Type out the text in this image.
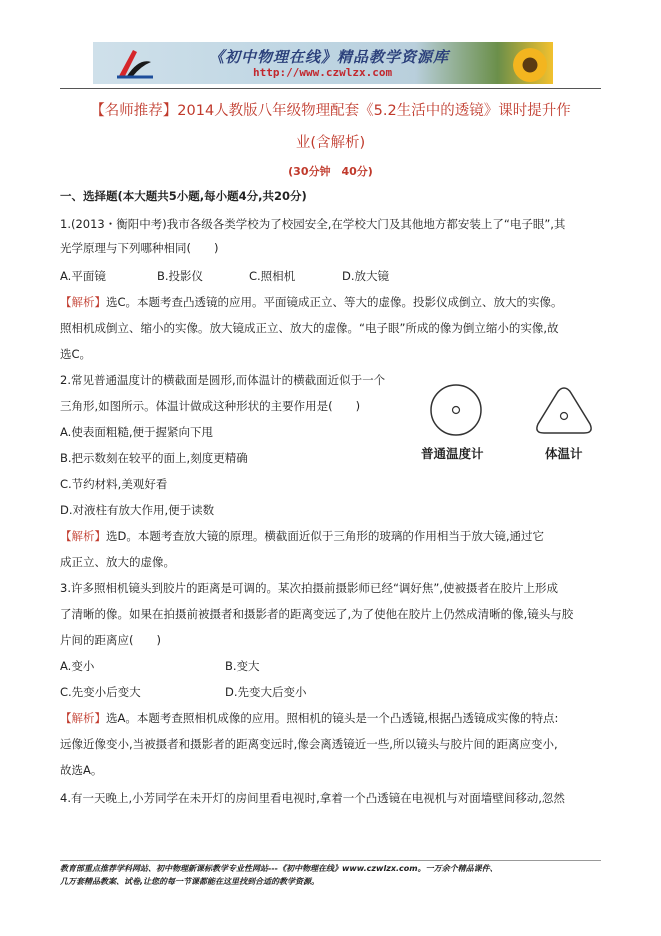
《初中物理在线》精品教学资源库
http://www.czwlzx.com
【名师推荐】2014人教版八年级物理配套《5.2生活中的透镜》课时提升作
业(含解析)
(30分钟　40分)
一、选择题(本大题共5小题,每小题4分,共20分)
1.(2013・衡阳中考)我市各级各类学校为了校园安全,在学校大门及其他地方都安装上了“电子眼”,其
光学原理与下列哪种相同(　　)
A.平面镜	B.投影仪	C.照相机	D.放大镜
【解析】选C。本题考查凸透镜的应用。平面镜成正立、等大的虚像。投影仪成倒立、放大的实像。
照相机成倒立、缩小的实像。放大镜成正立、放大的虚像。“电子眼”所成的像为倒立缩小的实像,故
选C。
2.常见普通温度计的横截面是圆形,而体温计的横截面近似于一个
三角形,如图所示。体温计做成这种形状的主要作用是(　　)
A.使表面粗糙,便于握紧向下甩
B.把示数刻在较平的面上,刻度更精确
C.节约材料,美观好看
D.对液柱有放大作用,便于读数
普通温度计	体温计
【解析】选D。本题考查放大镜的原理。横截面近似于三角形的玻璃的作用相当于放大镜,通过它
成正立、放大的虚像。
3.许多照相机镜头到胶片的距离是可调的。某次拍摄前摄影师已经“调好焦”,使被摄者在胶片上形成
了清晰的像。如果在拍摄前被摄者和摄影者的距离变远了,为了使他在胶片上仍然成清晰的像,镜头与胶
片间的距离应(　　)
A.变小	B.变大
C.先变小后变大	D.先变大后变小
【解析】选A。本题考查照相机成像的应用。照相机的镜头是一个凸透镜,根据凸透镜成实像的特点:
远像近像变小,当被摄者和摄影者的距离变远时,像会离透镜近一些,所以镜头与胶片间的距离应变小,
故选A。
4.有一天晚上,小芳同学在未开灯的房间里看电视时,拿着一个凸透镜在电视机与对面墙壁间移动,忽然
教育部重点推荐学科网站、初中物理新课标教学专业性网站---《初中物理在线》www.czwlzx.com。一万余个精品课件、
几万套精品教案、试卷,让您的每一节课都能在这里找到合适的教学资源。
